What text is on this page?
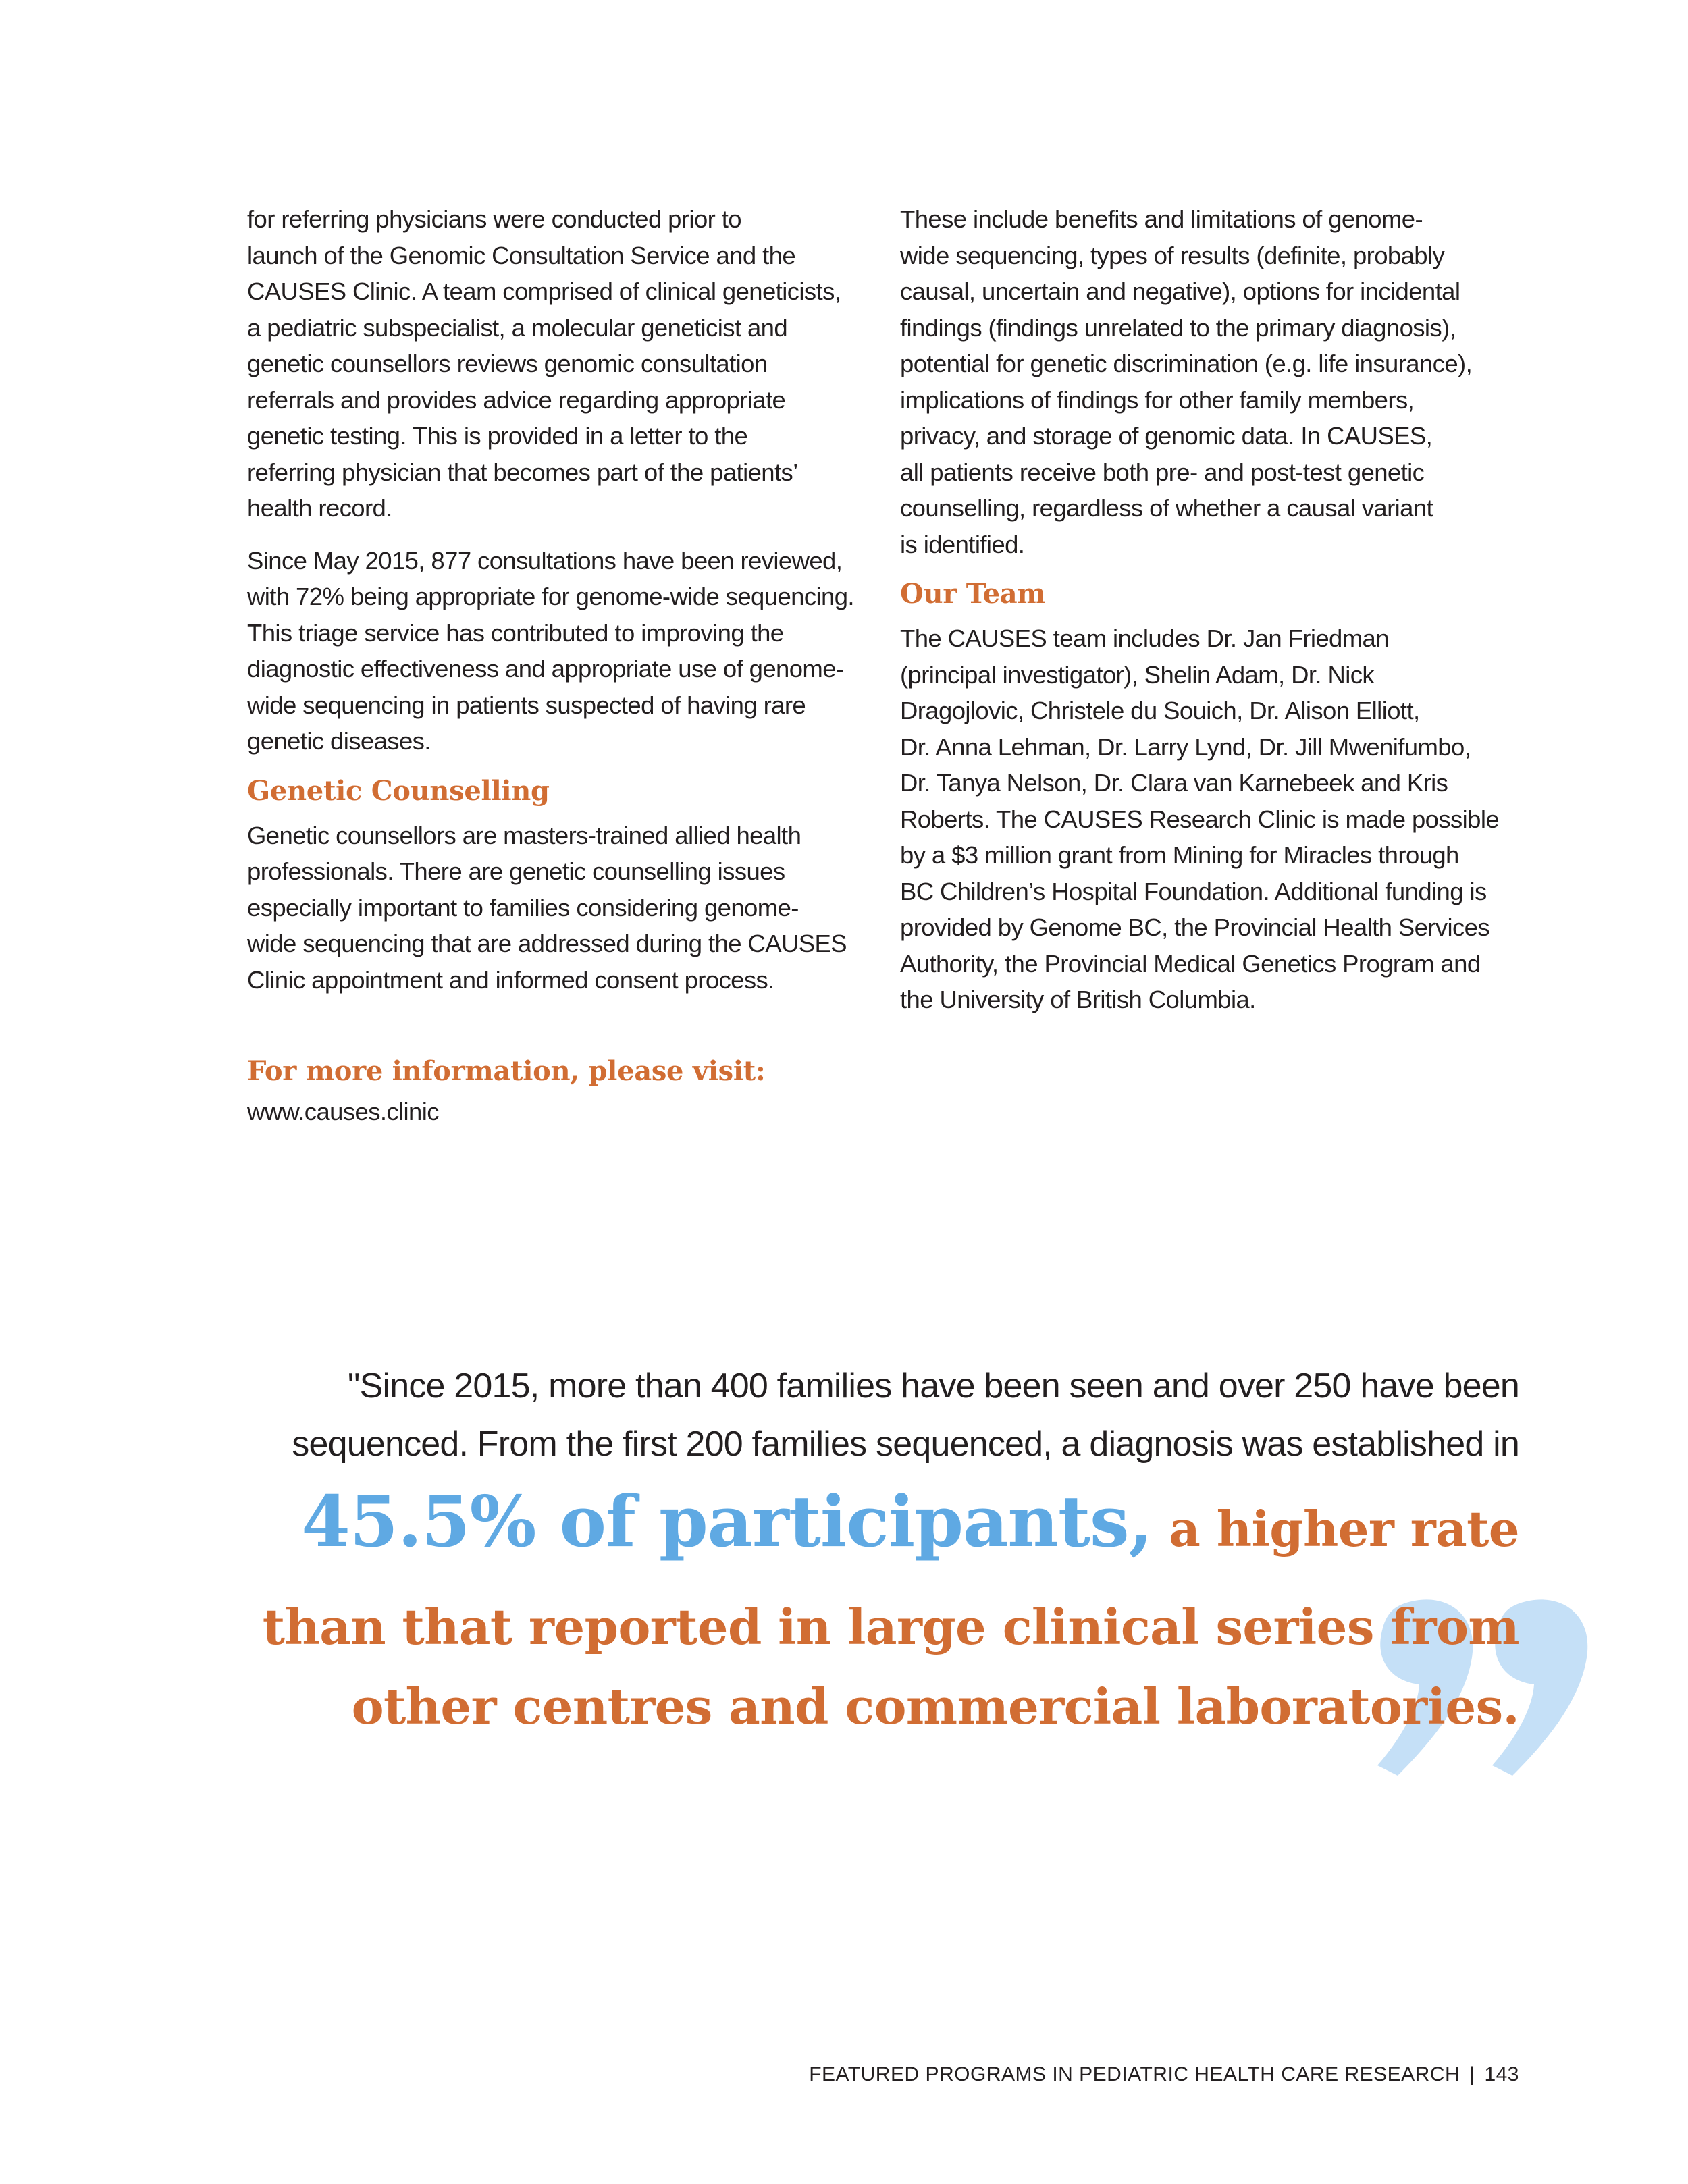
for referring physicians were conducted prior to
launch of the Genomic Consultation Service and the
CAUSES Clinic. A team comprised of clinical geneticists,
a pediatric subspecialist, a molecular geneticist and
genetic counsellors reviews genomic consultation
referrals and provides advice regarding appropriate
genetic testing. This is provided in a letter to the
referring physician that becomes part of the patients’
health record.

Since May 2015, 877 consultations have been reviewed,
with 72% being appropriate for genome-wide sequencing.
This triage service has contributed to improving the
diagnostic effectiveness and appropriate use of genome-
wide sequencing in patients suspected of having rare
genetic diseases.

Genetic Counselling

Genetic counsellors are masters-trained allied health
professionals. There are genetic counselling issues
especially important to families considering genome-
wide sequencing that are addressed during the CAUSES
Clinic appointment and informed consent process.

These include benefits and limitations of genome-
wide sequencing, types of results (definite, probably
causal, uncertain and negative), options for incidental
findings (findings unrelated to the primary diagnosis),
potential for genetic discrimination (e.g. life insurance),
implications of findings for other family members,
privacy, and storage of genomic data. In CAUSES,
all patients receive both pre- and post-test genetic
counselling, regardless of whether a causal variant
is identified.

Our Team

The CAUSES team includes Dr. Jan Friedman
(principal investigator), Shelin Adam, Dr. Nick
Dragojlovic, Christele du Souich, Dr. Alison Elliott,
Dr. Anna Lehman, Dr. Larry Lynd, Dr. Jill Mwenifumbo,
Dr. Tanya Nelson, Dr. Clara van Karnebeek and Kris
Roberts. The CAUSES Research Clinic is made possible
by a $3 million grant from Mining for Miracles through
BC Children’s Hospital Foundation. Additional funding is
provided by Genome BC, the Provincial Health Services
Authority, the Provincial Medical Genetics Program and
the University of British Columbia.

For more information, please visit:
www.causes.clinic

"Since 2015, more than 400 families have been seen and over 250 have been

sequenced. From the first 200 families sequenced, a diagnosis was established in

45.5% of participants, a higher rate

than that reported in large clinical series from

other centres and commercial laboratories.

FEATURED PROGRAMS IN PEDIATRIC HEALTH CARE RESEARCH | 143
